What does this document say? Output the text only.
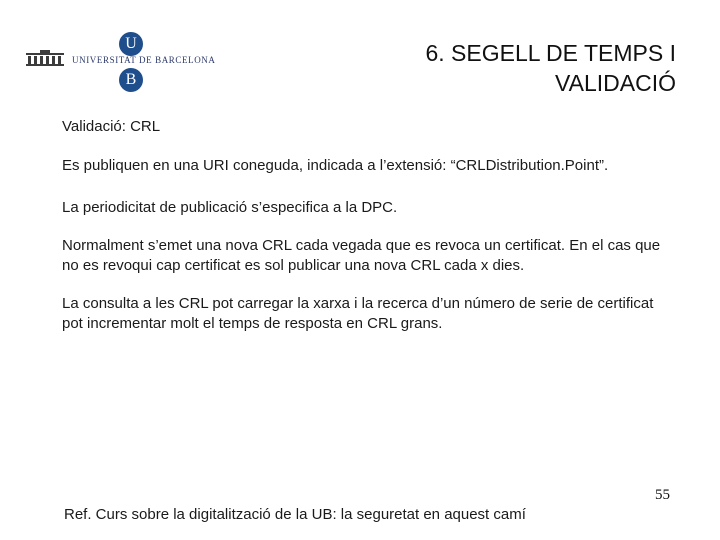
U
UNIVERSITAT DE BARCELONA
B
6. SEGELL DE TEMPS I
VALIDACIÓ
Validació: CRL
Es publiquen en una URI coneguda, indicada a l’extensió: “CRLDistribution.Point”.
La periodicitat de publicació s’especifica a la DPC.
Normalment s’emet una nova CRL cada vegada que es revoca un certificat. En el cas que no es revoqui cap certificat es sol publicar una nova CRL cada x dies.
La consulta a les CRL pot carregar la xarxa i la recerca d’un número de serie de certificat pot incrementar molt el temps de resposta en CRL grans.
55
Ref. Curs sobre la digitalització de la UB: la seguretat en aquest camí
